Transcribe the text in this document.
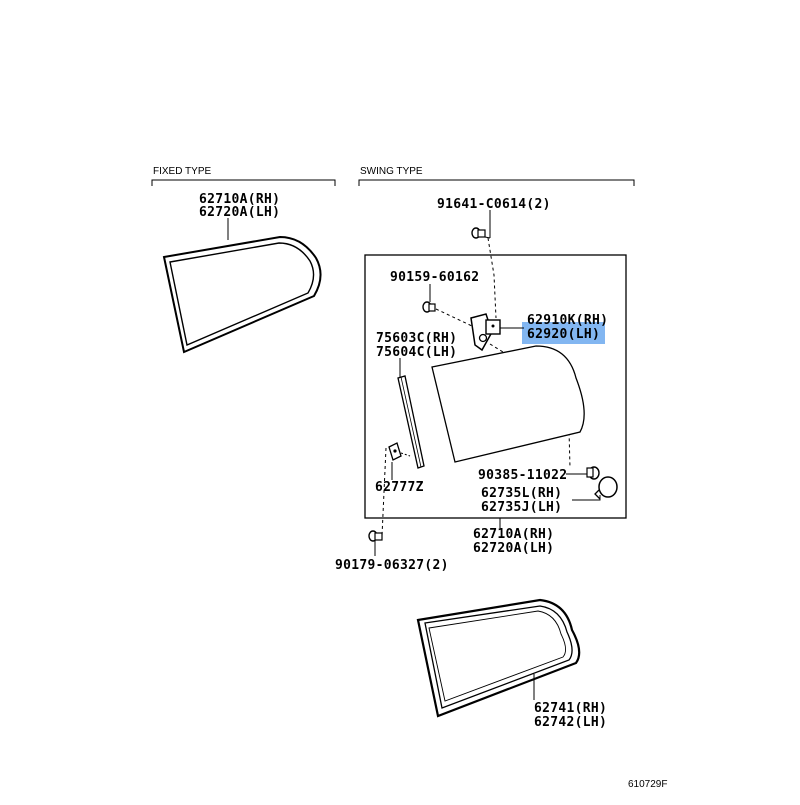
FIXED TYPE	SWING TYPE
62710A(RH)
62720A(LH)
91641-C0614(2)
90159-60162
62910K(RH)
62920(LH)
75603C(RH)
75604C(LH)
62777Z
90385-11022
62735L(RH)
62735J(LH)
62710A(RH)
62720A(LH)
90179-06327(2)
62741(RH)
62742(LH)
610729F
